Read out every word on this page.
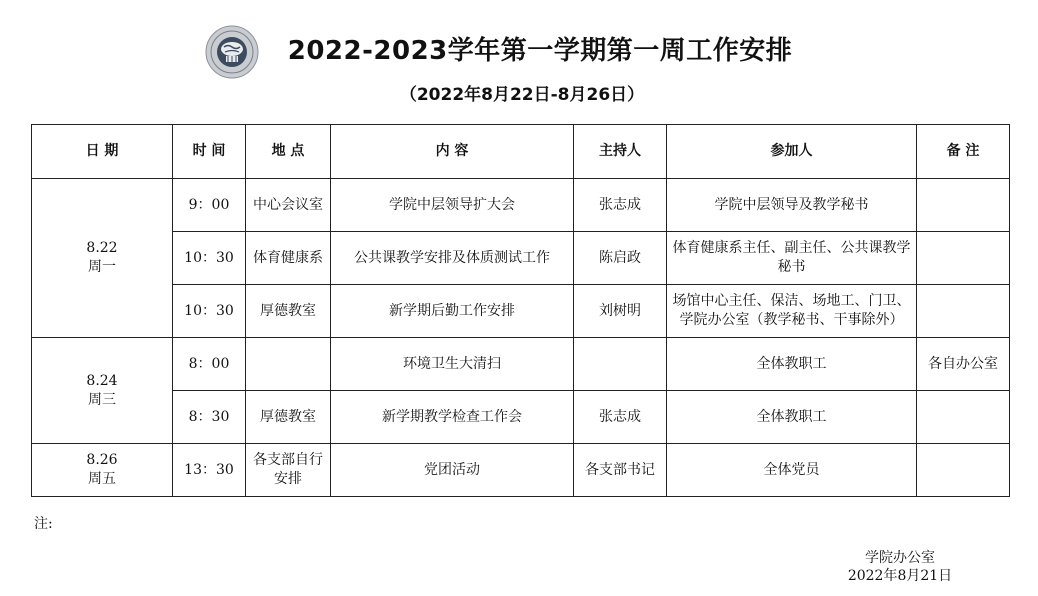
2022-2023学年第一学期第一周工作安排
（2022年8月22日-8月26日）
日 期	时 间	地 点	内 容	主持人	参加人	备 注

8.22
周一	9：00	中心会议室	学院中层领导扩大会	张志成	学院中层领导及教学秘书	
	10：30	体育健康系	公共课教学安排及体质测试工作	陈启政	体育健康系主任、副主任、公共课教学秘书	
	10：30	厚德教室	新学期后勤工作安排	刘树明	场馆中心主任、保洁、场地工、门卫、学院办公室（教学秘书、干事除外）	

8.24
周三	8：00		环境卫生大清扫		全体教职工	各自办公室
	8：30	厚德教室	新学期教学检查工作会	张志成	全体教职工	

8.26
周五	13：30	各支部自行安排	党团活动	各支部书记	全体党员	
注:
学院办公室
2022年8月21日
